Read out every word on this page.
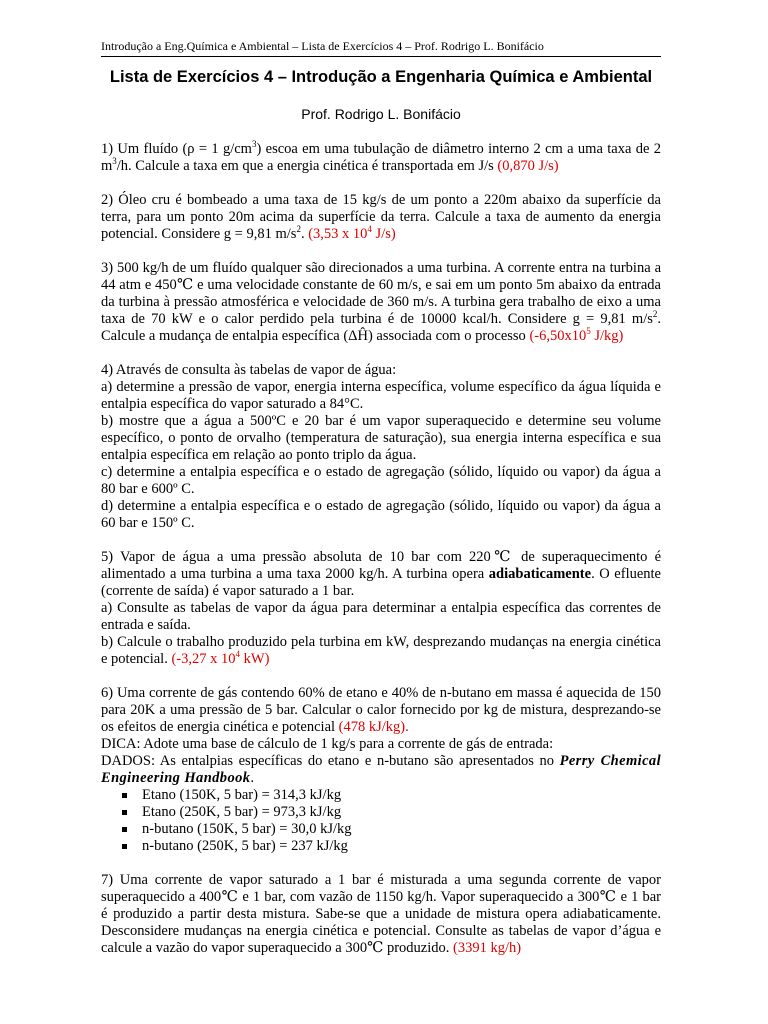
Introdução a Eng.Química e Ambiental – Lista de Exercícios 4 – Prof. Rodrigo L. Bonifácio
Lista de Exercícios 4 – Introdução a Engenharia Química e Ambiental
Prof. Rodrigo L. Bonifácio

1) Um fluído (ρ = 1 $g/cm^3$) escoa em uma tubulação de diâmetro interno 2 cm a uma taxa de 2 $m^3/h$. Calcule a taxa em que a energia cinética é transportada em J/s (0,870 J/s)

2) Óleo cru é bombeado a uma taxa de 15 kg/s de um ponto a 220m abaixo da superfície da terra, para um ponto 20m acima da superfície da terra. Calcule a taxa de aumento da energia potencial. Considere g = 9,81 $m/s^2$. (3,53 x $10^4$ J/s)

3) 500 kg/h de um fluído qualquer são direcionados a uma turbina. A corrente entra na turbina a 44 atm e 450℃ e uma velocidade constante de 60 m/s, e sai em um ponto 5m abaixo da entrada da turbina à pressão atmosférica e velocidade de 360 m/s. A turbina gera trabalho de eixo a uma taxa de 70 kW e o calor perdido pela turbina é de 10000 kcal/h. Considere g = 9,81 $m/s^2$. Calcule a mudança de entalpia específica (ΔĤ) associada com o processo ($-6,50x10^5$ J/kg)

4) Através de consulta às tabelas de vapor de água:

a) determine a pressão de vapor, energia interna específica, volume específico da água líquida e entalpia específica do vapor saturado a 84°C.

b) mostre que a água a 500ºC e 20 bar é um vapor superaquecido e determine seu volume específico, o ponto de orvalho (temperatura de saturação), sua energia interna específica e sua entalpia específica em relação ao ponto triplo da água.

c) determine a entalpia específica e o estado de agregação (sólido, líquido ou vapor) da água a 80 bar e 600º C.

d) determine a entalpia específica e o estado de agregação (sólido, líquido ou vapor) da água a 60 bar e 150º C.

5) Vapor de água a uma pressão absoluta de 10 bar com 220℃ de superaquecimento é alimentado a uma turbina a uma taxa 2000 kg/h. A turbina opera adiabaticamente. O efluente (corrente de saída) é vapor saturado a 1 bar.

a) Consulte as tabelas de vapor da água para determinar a entalpia específica das correntes de entrada e saída.

b) Calcule o trabalho produzido pela turbina em kW, desprezando mudanças na energia cinética e potencial. (-3,27 x $10^4$ kW)

6) Uma corrente de gás contendo 60% de etano e 40% de n-butano em massa é aquecida de 150 para 20K a uma pressão de 5 bar. Calcular o calor fornecido por kg de mistura, desprezando-se os efeitos de energia cinética e potencial (478 kJ/kg).

DICA: Adote uma base de cálculo de 1 kg/s para a corrente de gás de entrada:

DADOS: As entalpias específicas do etano e n-butano são apresentados no Perry Chemical Engineering Handbook.

Etano (150K, 5 bar) = 314,3 kJ/kg
Etano (250K, 5 bar) = 973,3 kJ/kg
n-butano (150K, 5 bar) = 30,0 kJ/kg
n-butano (250K, 5 bar) = 237 kJ/kg

7) Uma corrente de vapor saturado a 1 bar é misturada a uma segunda corrente de vapor superaquecido a 400℃ e 1 bar, com vazão de 1150 kg/h. Vapor superaquecido a 300℃ e 1 bar é produzido a partir desta mistura. Sabe-se que a unidade de mistura opera adiabaticamente. Desconsidere mudanças na energia cinética e potencial. Consulte as tabelas de vapor d’água e calcule a vazão do vapor superaquecido a 300℃ produzido. (3391 kg/h)
